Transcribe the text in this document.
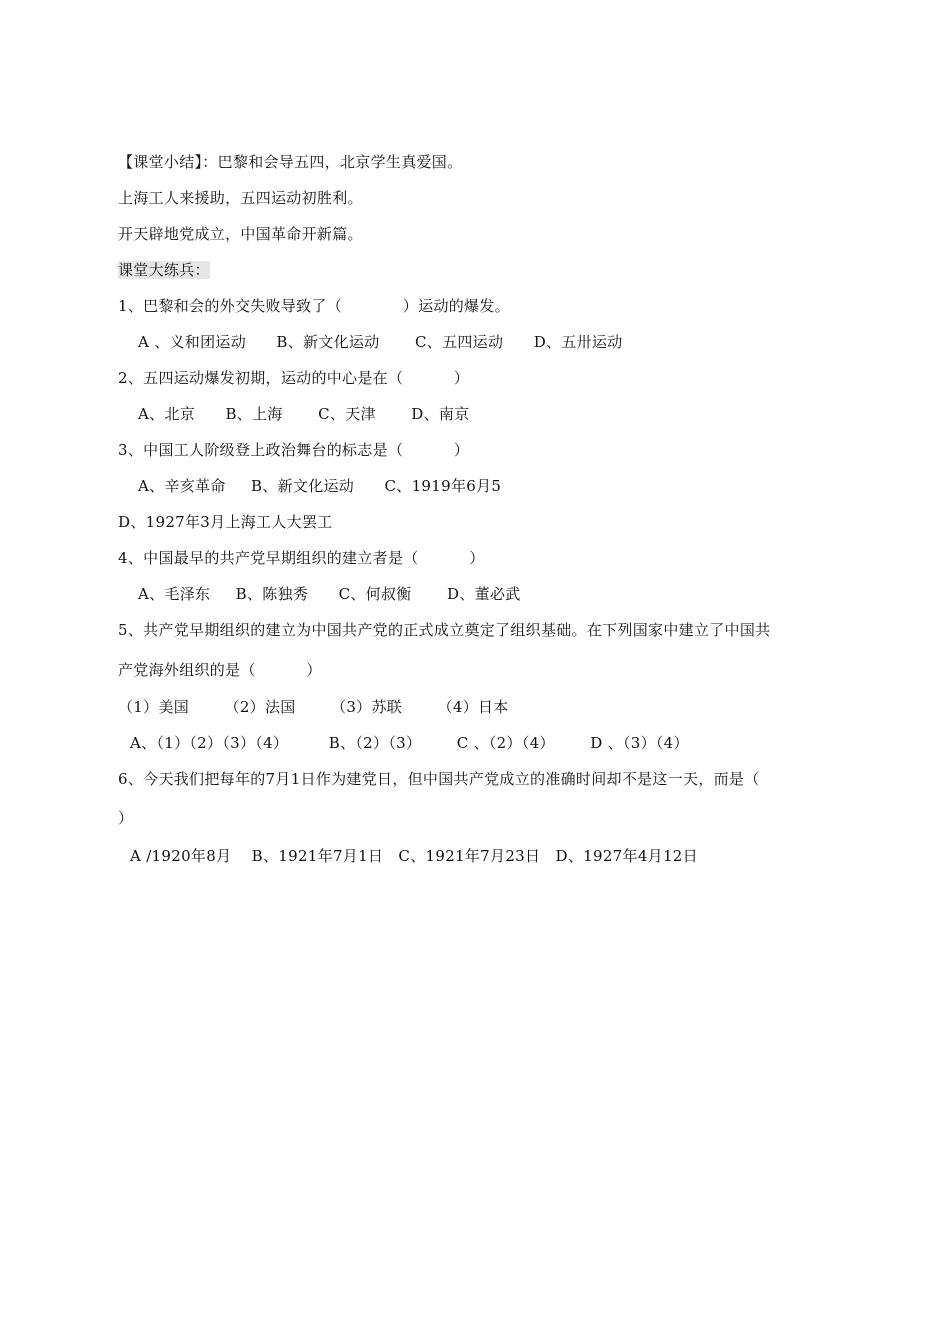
【课堂小结】：巴黎和会导五四，北京学生真爱国。
上海工人来援助，五四运动初胜利。
开天辟地党成立，中国革命开新篇。
课堂大练兵：
1、巴黎和会的外交失败导致了（            ）运动的爆发。
A 、义和团运动      B、新文化运动       C、五四运动      D、五卅运动
2、五四运动爆发初期，运动的中心是在（          ）
A、北京      B、上海       C、天津       D、南京
3、中国工人阶级登上政治舞台的标志是（          ）
A、辛亥革命     B、新文化运动      C、1919年6月5
D、1927年3月上海工人大罢工
4、中国最早的共产党早期组织的建立者是（          ）
A、毛泽东     B、陈独秀      C、何叔衡       D、董必武
5、共产党早期组织的建立为中国共产党的正式成立奠定了组织基础。在下列国家中建立了中国共
产党海外组织的是（          ）
（1）美国       （2）法国       （3）苏联       （4）日本
A、（1）（2）（3）（4）        B、（2）（3）       C 、（2）（4）       D 、（3）（4）
6、今天我们把每年的7月1日作为建党日，但中国共产党成立的准确时间却不是这一天，而是（
）
A /1920年8月    B、1921年7月1日   C、1921年7月23日   D、1927年4月12日
